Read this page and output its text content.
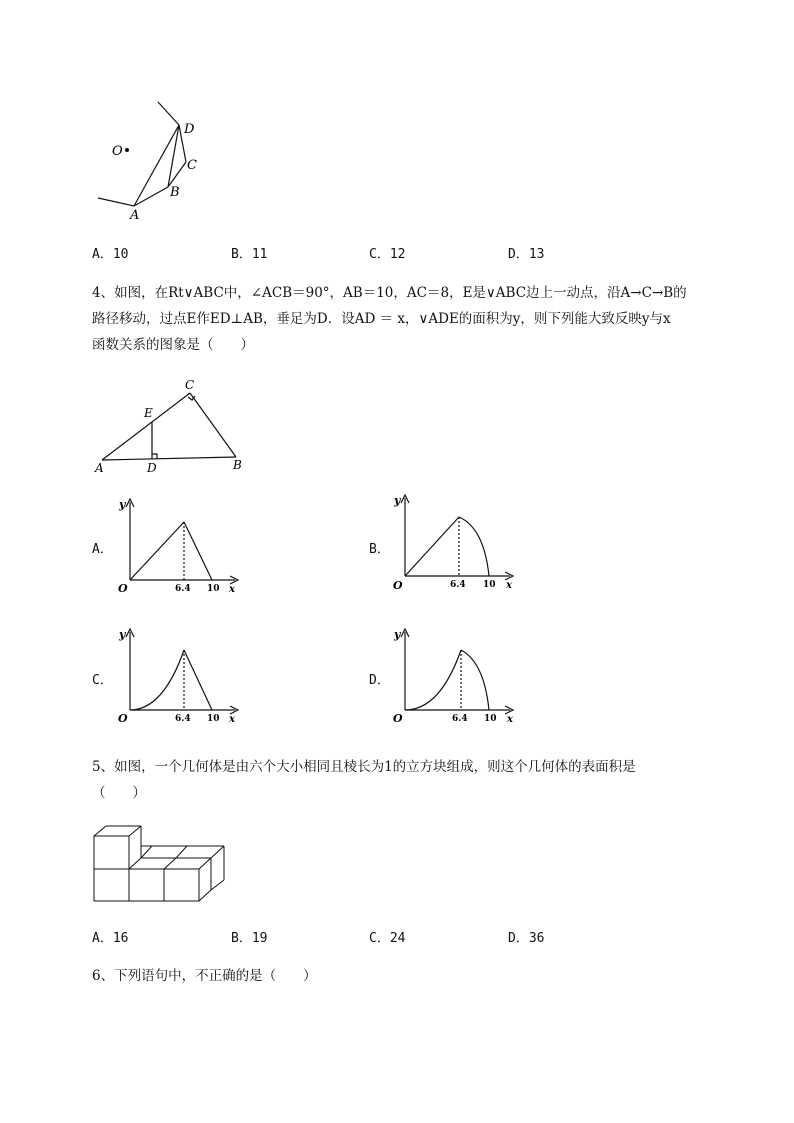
O
D
C
B
A
A．10	B．11	C．12	D．13
4、如图，在Rt∨ABC中，∠ACB＝90°，AB＝10，AC＝8，E是∨ABC边上一动点，沿A→C→B的
路径移动，过点E作ED⊥AB，垂足为D．设AD ＝ x，∨ADE的面积为y，则下列能大致反映y与x
函数关系的图象是（　　）
C
E
A	D	B
A．	B．
C．	D．
y
O	6.4 10 x
y
O	6.4 10 x
y
O	6.4 10 x
y
O	6.4 10 x
5、如图，一个几何体是由六个大小相同且棱长为1的立方块组成，则这个几何体的表面积是
（　　）
A．16	B．19	C．24	D．36
6、下列语句中，不正确的是（　　）
